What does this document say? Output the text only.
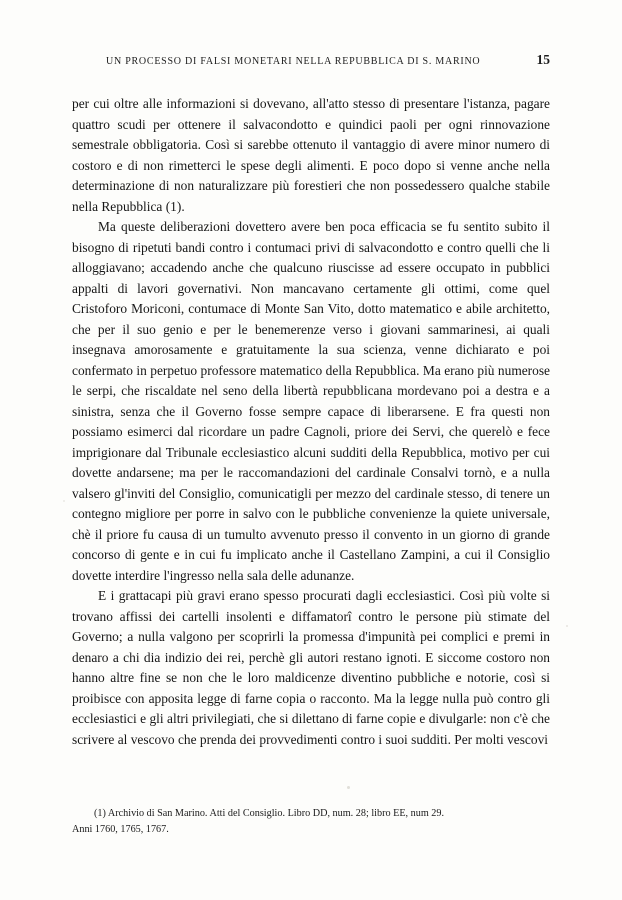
UN PROCESSO DI FALSI MONETARI NELLA REPUBBLICA DI S. MARINO	15

per cui oltre alle informazioni si dovevano, all'atto stesso di presentare l'istanza, pagare quattro scudi per ottenere il salvacondotto e quindici paoli per ogni rinnovazione semestrale obbligatoria. Così si sarebbe ottenuto il vantaggio di avere minor numero di costoro e di non rimetterci le spese degli alimenti. E poco dopo si venne anche nella determinazione di non naturalizzare più forestieri che non possedessero qualche stabile nella Repubblica (1).

Ma queste deliberazioni dovettero avere ben poca efficacia se fu sentito subito il bisogno di ripetuti bandi contro i contumaci privi di salvacondotto e contro quelli che li alloggiavano; accadendo anche che qualcuno riuscisse ad essere occupato in pubblici appalti di lavori governativi. Non mancavano certamente gli ottimi, come quel Cristoforo Moriconi, contumace di Monte San Vito, dotto matematico e abile architetto, che per il suo genio e per le benemerenze verso i giovani sammarinesi, ai quali insegnava amorosamente e gratuitamente la sua scienza, venne dichiarato e poi confermato in perpetuo professore matematico della Repubblica. Ma erano più numerose le serpi, che riscaldate nel seno della libertà repubblicana mordevano poi a destra e a sinistra, senza che il Governo fosse sempre capace di liberarsene. E fra questi non possiamo esimerci dal ricordare un padre Cagnoli, priore dei Servi, che querelò e fece imprigionare dal Tribunale ecclesiastico alcuni sudditi della Repubblica, motivo per cui dovette andarsene; ma per le raccomandazioni del cardinale Consalvi tornò, e a nulla valsero gl'inviti del Consiglio, comunicatigli per mezzo del cardinale stesso, di tenere un contegno migliore per porre in salvo con le pubbliche convenienze la quiete universale, chè il priore fu causa di un tumulto avvenuto presso il convento in un giorno di grande concorso di gente e in cui fu implicato anche il Castellano Zampini, a cui il Consiglio dovette interdire l'ingresso nella sala delle adunanze.

E i grattacapi più gravi erano spesso procurati dagli ecclesiastici. Così più volte si trovano affissi dei cartelli insolenti e diffamatorî contro le persone più stimate del Governo; a nulla valgono per scoprirli la promessa d'impunità pei complici e premi in denaro a chi dia indizio dei rei, perchè gli autori restano ignoti. E siccome costoro non hanno altre fine se non che le loro maldicenze diventino pubbliche e notorie, così si proibisce con apposita legge di farne copia o racconto. Ma la legge nulla può contro gli ecclesiastici e gli altri privilegiati, che si dilettano di farne copie e divulgarle: non c'è che scrivere al vescovo che prenda dei provvedimenti contro i suoi sudditi. Per molti vescovi

(1) Archivio di San Marino. Atti del Consiglio. Libro DD, num. 28; libro EE, num 29.

Anni 1760, 1765, 1767.
